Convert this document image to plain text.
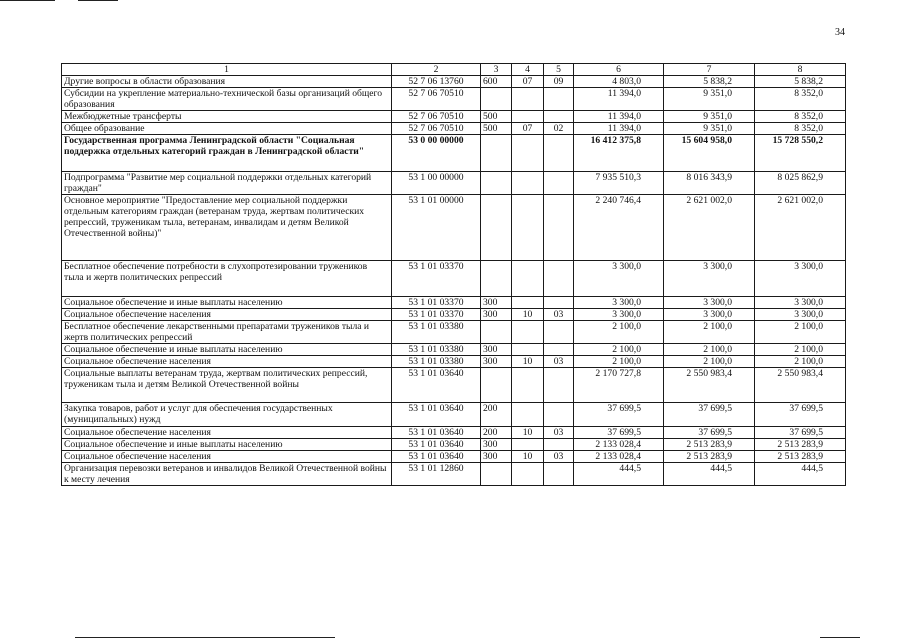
34
1	2	3	4	5	6	7	8
Другие вопросы в области образования	52 7 06 13760	600	07	09	4 803,0	5 838,2	5 838,2
Субсидии на укрепление материально-технической базы организаций общего образования	52 7 06 70510				11 394,0	9 351,0	8 352,0
Межбюджетные трансферты	52 7 06 70510	500			11 394,0	9 351,0	8 352,0
Общее образование	52 7 06 70510	500	07	02	11 394,0	9 351,0	8 352,0
Государственная программа Ленинградской области "Социальная поддержка отдельных категорий граждан в Ленинградской области"	53 0 00 00000				16 412 375,8	15 604 958,0	15 728 550,2
Подпрограмма "Развитие мер социальной поддержки отдельных категорий граждан"	53 1 00 00000				7 935 510,3	8 016 343,9	8 025 862,9
Основное мероприятие "Предоставление мер социальной поддержки отдельным категориям граждан (ветеранам труда, жертвам политических репрессий, труженикам тыла, ветеранам, инвалидам и детям Великой Отечественной войны)"	53 1 01 00000				2 240 746,4	2 621 002,0	2 621 002,0
Бесплатное обеспечение потребности в слухопротезировании тружеников тыла и жертв политических репрессий	53 1 01 03370				3 300,0	3 300,0	3 300,0
Социальное обеспечение и иные выплаты населению	53 1 01 03370	300			3 300,0	3 300,0	3 300,0
Социальное обеспечение населения	53 1 01 03370	300	10	03	3 300,0	3 300,0	3 300,0
Бесплатное обеспечение лекарственными препаратами тружеников тыла и жертв политических репрессий	53 1 01 03380				2 100,0	2 100,0	2 100,0
Социальное обеспечение и иные выплаты населению	53 1 01 03380	300			2 100,0	2 100,0	2 100,0
Социальное обеспечение населения	53 1 01 03380	300	10	03	2 100,0	2 100,0	2 100,0
Социальные выплаты ветеранам труда, жертвам политических репрессий, труженикам тыла и детям Великой Отечественной войны	53 1 01 03640				2 170 727,8	2 550 983,4	2 550 983,4
Закупка товаров, работ и услуг для обеспечения государственных (муниципальных) нужд	53 1 01 03640	200			37 699,5	37 699,5	37 699,5
Социальное обеспечение населения	53 1 01 03640	200	10	03	37 699,5	37 699,5	37 699,5
Социальное обеспечение и иные выплаты населению	53 1 01 03640	300			2 133 028,4	2 513 283,9	2 513 283,9
Социальное обеспечение населения	53 1 01 03640	300	10	03	2 133 028,4	2 513 283,9	2 513 283,9
Организация перевозки ветеранов и инвалидов Великой Отечественной войны к месту лечения	53 1 01 12860				444,5	444,5	444,5
